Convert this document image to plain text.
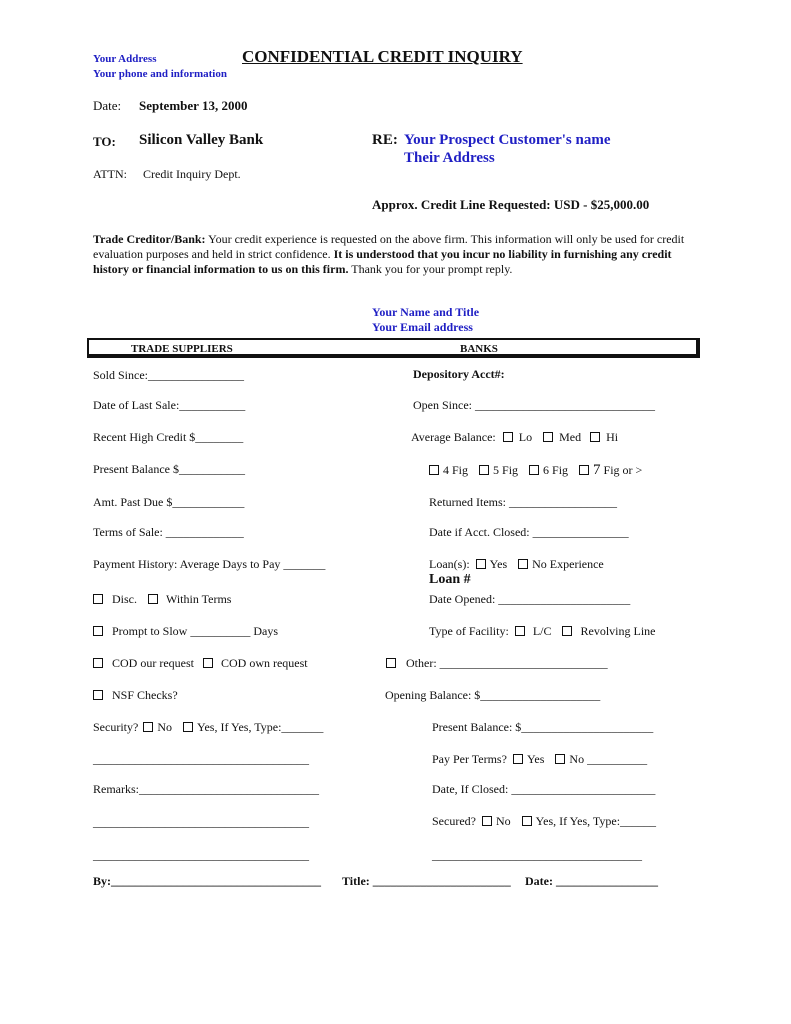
Your Address
Your phone and information
CONFIDENTIAL CREDIT INQUIRY
Date: September 13, 2000
TO: Silicon Valley Bank	RE: Your Prospect Customer's name
Their Address
ATTN: Credit Inquiry Dept.
Approx. Credit Line Requested: USD - $25,000.00
Trade Creditor/Bank: Your credit experience is requested on the above firm. This information will only be used for credit evaluation purposes and held in strict confidence. It is understood that you incur no liability in furnishing any credit history or financial information to us on this firm. Thank you for your prompt reply.
Your Name and Title
Your Email address
TRADE SUPPLIERS	BANKS
Sold Since:________________
Date of Last Sale:___________
Recent High Credit $________
Present Balance $___________
Amt. Past Due $____________
Terms of Sale: _____________
Payment History: Average Days to Pay _______
Disc. Within Terms
Prompt to Slow __________ Days
COD our request COD own request
NSF Checks?
Security? No Yes, If Yes, Type:_______
____________________________________
Remarks:______________________________
____________________________________
____________________________________
Depository Acct#:
Open Since: ______________________________
Average Balance: Lo Med Hi
4 Fig 5 Fig 6 Fig 7 Fig or >
Returned Items: __________________
Date if Acct. Closed: ________________
Loan(s): Yes No Experience
Loan #
Date Opened: ______________________
Type of Facility: L/C Revolving Line
Other: ____________________________
Opening Balance: $____________________
Present Balance: $______________________
Pay Per Terms? Yes No __________
Date, If Closed: ________________________
Secured? No Yes, If Yes, Type:______
___________________________________
By:___________________________________ Title: _______________________ Date: _________________
